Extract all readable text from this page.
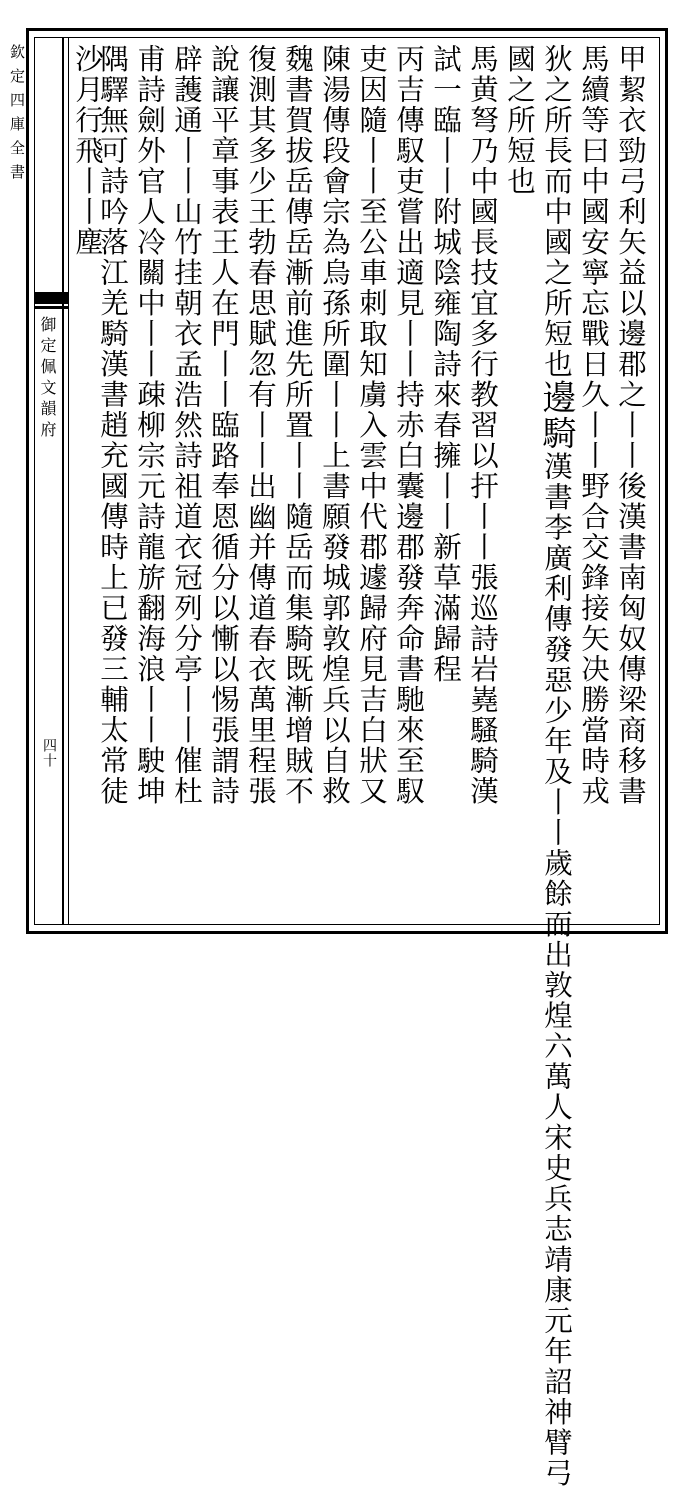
欽定四庫全書
御定佩文韻府
四十	甲絜衣勁弓利矢益以邊郡之丨丨後漢書南匈奴傳梁商移書
馬續等曰中國安寧忘戰日久丨丨野合交鋒接矢决勝當時戎
狄之所長而中國之所短也邊騎漢書李廣利傳發惡少年及丨丨歲餘而出敦煌六萬人宋史兵志靖康元年詔神臂弓
國之所短也
馬黄弩乃中國長技宜多行教習以扞丨丨張巡詩岩嶤騷騎漢
試一臨丨丨附城陰雍陶詩來春擁丨丨新草滿歸程
丙吉傳馭吏嘗出適見丨丨持赤白囊邊郡發奔命書馳來至馭
吏因隨丨丨至公車刺取知虜入雲中代郡遽歸府見吉白狀又
陳湯傳段會宗為烏孫所圍丨丨上書願發城郭敦煌兵以自救
魏書賀拔岳傳岳漸前進先所置丨丨隨岳而集騎既漸增賊不
復測其多少王勃春思賦忽有丨丨出幽并傳道春衣萬里程張
說讓平章事表王人在門丨丨臨路奉恩循分以慚以惕張謂詩
辟䕶通丨丨山竹挂朝衣孟浩然詩祖道衣冠列分亭丨丨催杜
甫詩劍外官人冷關中丨丨疎柳宗元詩龍旂翻海浪丨丨駛坤
隅驛無可詩吟落江羌騎漢書趙充國傳時上已發三輔太常徒
沙月行飛丨丨塵
